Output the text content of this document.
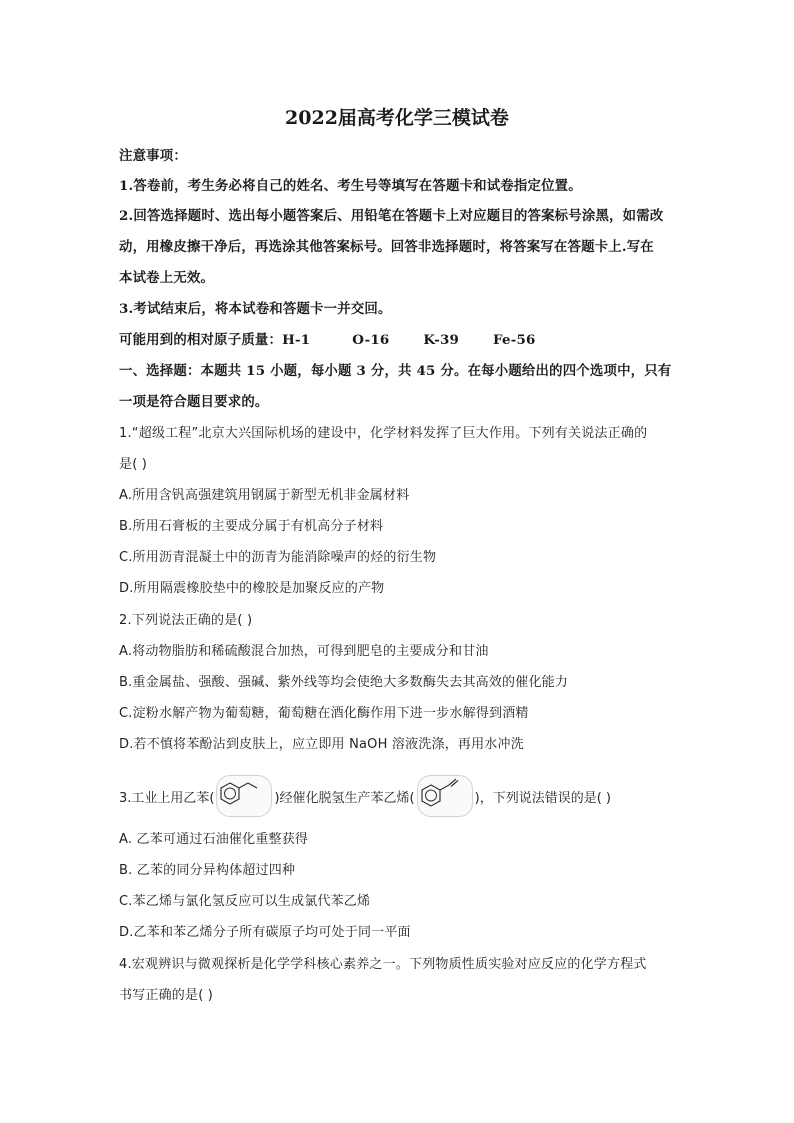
2022届高考化学三模试卷
注意事项：
1.答卷前，考生务必将自己的姓名、考生号等填写在答题卡和试卷指定位置。
2.回答选择题时、选出每小题答案后、用铅笔在答题卡上对应题目的答案标号涂黑，如需改
动，用橡皮擦干净后，再选涂其他答案标号。回答非选择题时，将答案写在答题卡上.写在
本试卷上无效。
3.考试结束后，将本试卷和答题卡一并交回。
可能用到的相对原子质量：H-1	O-16	K-39	Fe-56
一、选择题：本题共 15 小题，每小题 3 分，共 45 分。在每小题给出的四个选项中，只有
一项是符合题目要求的。
1.“超级工程”北京大兴国际机场的建设中，化学材料发挥了巨大作用。下列有关说法正确的
是( )
A.所用含钒高强建筑用钢属于新型无机非金属材料
B.所用石膏板的主要成分属于有机高分子材料
C.所用沥青混凝土中的沥青为能消除噪声的烃的衍生物
D.所用隔震橡胶垫中的橡胶是加聚反应的产物
2.下列说法正确的是( )
A.将动物脂肪和稀硫酸混合加热，可得到肥皂的主要成分和甘油
B.重金属盐、强酸、强碱、紫外线等均会使绝大多数酶失去其高效的催化能力
C.淀粉水解产物为葡萄糖，葡萄糖在酒化酶作用下进一步水解得到酒精
D.若不慎将苯酚沾到皮肤上，应立即用 NaOH 溶液洗涤，再用水冲洗
3.工业上用乙苯(	)经催化脱氢生产苯乙烯(	)，下列说法错误的是( )
A. 乙苯可通过石油催化重整获得
B. 乙苯的同分异构体超过四种
C.苯乙烯与氯化氢反应可以生成氯代苯乙烯
D.乙苯和苯乙烯分子所有碳原子均可处于同一平面
4.宏观辨识与微观探析是化学学科核心素养之一。下列物质性质实验对应反应的化学方程式
书写正确的是( )
